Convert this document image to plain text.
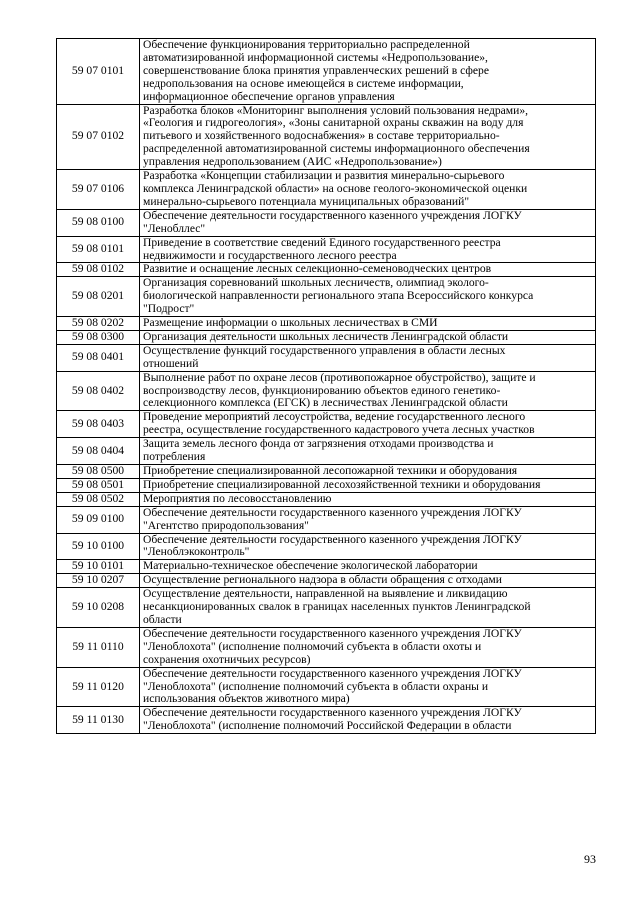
59 07 0101	Обеспечение функционирования территориально распределенной
автоматизированной информационной системы «Недропользование»,
совершенствование блока принятия управленческих решений в сфере
недропользования на основе имеющейся в системе информации,
информационное обеспечение органов управления
59 07 0102	Разработка блоков «Мониторинг выполнения условий пользования недрами»,
«Геология и гидрогеология», «Зоны санитарной охраны скважин на воду для
питьевого и хозяйственного водоснабжения» в составе территориально-
распределенной автоматизированной системы информационного обеспечения
управления недропользованием (АИС «Недропользование»)
59 07 0106	Разработка «Концепции стабилизации и развития минерально-сырьевого
комплекса Ленинградской области» на основе геолого-экономической оценки
минерально-сырьевого потенциала муниципальных образований"
59 08 0100	Обеспечение деятельности государственного казенного учреждения ЛОГКУ
"Ленобллес"
59 08 0101	Приведение в соответствие сведений Единого государственного реестра
недвижимости и государственного лесного реестра
59 08 0102	Развитие и оснащение лесных селекционно-семеноводческих центров
59 08 0201	Организация соревнований школьных лесничеств, олимпиад эколого-
биологической направленности регионального этапа Всероссийского конкурса
"Подрост"
59 08 0202	Размещение информации о школьных лесничествах в СМИ
59 08 0300	Организация деятельности школьных лесничеств Ленинградской области
59 08 0401	Осуществление функций государственного управления в области лесных
отношений
59 08 0402	Выполнение работ по охране лесов (противопожарное обустройство), защите и
воспроизводству лесов, функционированию объектов единого генетико-
селекционного комплекса (ЕГСК) в лесничествах Ленинградской области
59 08 0403	Проведение мероприятий лесоустройства, ведение государственного лесного
реестра, осуществление государственного кадастрового учета лесных участков
59 08 0404	Защита земель лесного фонда от загрязнения отходами производства и
потребления
59 08 0500	Приобретение специализированной лесопожарной техники и оборудования
59 08 0501	Приобретение специализированной лесохозяйственной техники и оборудования
59 08 0502	Мероприятия по лесовосстановлению
59 09 0100	Обеспечение деятельности государственного казенного учреждения ЛОГКУ
"Агентство природопользования"
59 10 0100	Обеспечение деятельности государственного казенного учреждения ЛОГКУ
"Леноблэкоконтроль"
59 10 0101	Материально-техническое обеспечение экологической лаборатории
59 10 0207	Осуществление регионального надзора в области обращения с отходами
59 10 0208	Осуществление деятельности, направленной на выявление и ликвидацию
несанкционированных свалок в границах населенных пунктов Ленинградской
области
59 11 0110	Обеспечение деятельности государственного казенного учреждения ЛОГКУ
"Леноблохота" (исполнение полномочий субъекта в области охоты и
сохранения охотничьих ресурсов)
59 11 0120	Обеспечение деятельности государственного казенного учреждения ЛОГКУ
"Леноблохота" (исполнение полномочий субъекта в области охраны и
использования объектов животного мира)
59 11 0130	Обеспечение деятельности государственного казенного учреждения ЛОГКУ
"Леноблохота" (исполнение полномочий Российской Федерации в области
93
